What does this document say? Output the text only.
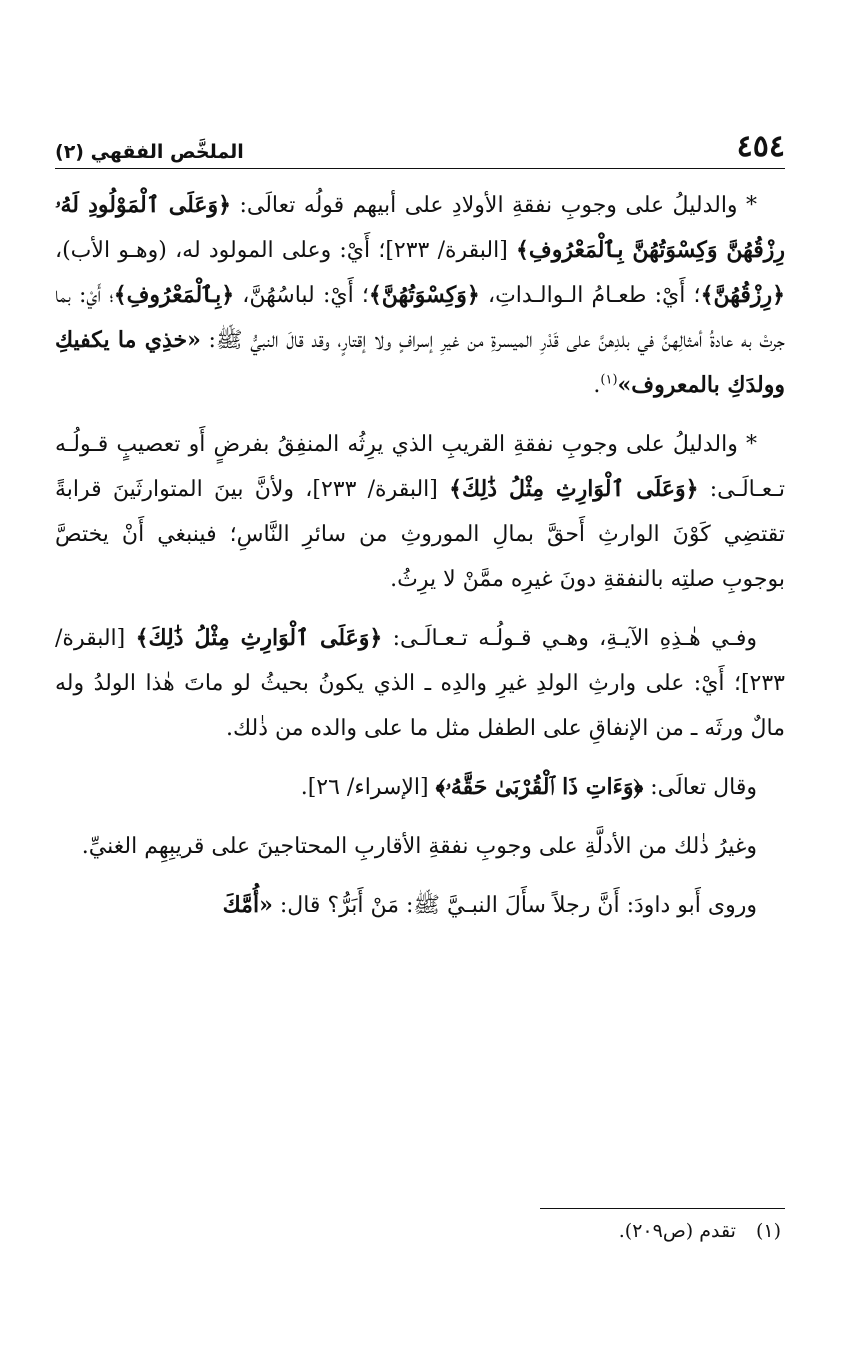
٤٥٤
الملخَّص الفقهي (٢)

* والدليلُ على وجوبِ نفقةِ الأولادِ على أبيهم قولُه تعالَى: ﴿وَعَلَى ٱلْمَوْلُودِ لَهُۥ رِزْقُهُنَّ وَكِسْوَتُهُنَّ بِٱلْمَعْرُوفِ﴾ [البقرة/ ٢٣٣]؛ أَيْ: وعلى المولود له، (وهـو الأب)، ﴿رِزْقُهُنَّ﴾؛ أَيْ: طعـامُ الـوالـداتِ، ﴿وَكِسْوَتُهُنَّ﴾؛ أَيْ: لباسُهُنَّ، ﴿بِٱلْمَعْرُوفِ﴾؛ أَيْ: بما جرتْ به عادةُ أمثالِهنَّ في بلدِهنَّ على قَدْرِ الميسرةِ من غيرِ إسرافٍ ولا إقتارٍ، وقد قالَ النبيُّ ﷺ: «خذِي ما يكفيكِ وولدَكِ بالمعروف»$^{(١)}$.

* والدليلُ على وجوبِ نفقةِ القريبِ الذي يرِثُه المنفِقُ بفرضٍ أَو تعصيبٍ قـولُـه تـعـالَـى: ﴿وَعَلَى ٱلْوَارِثِ مِثْلُ ذَٰلِكَ﴾ [البقرة/ ٢٣٣]، ولأنَّ بينَ المتوارثَينَ قرابةً تقتضِي كَوْنَ الوارثِ أَحقَّ بمالِ الموروثِ من سائرِ النَّاسِ؛ فينبغي أَنْ يختصَّ بوجوبِ صلتِه بالنفقةِ دونَ غيرِه ممَّنْ لا يرِثُ.

وفـي هٰـذِهِ الآيـةِ، وهـي قـولُـه تـعـالَـى: ﴿وَعَلَى ٱلْوَارِثِ مِثْلُ ذَٰلِكَ﴾ [البقرة/ ٢٣٣]؛ أَيْ: على وارثِ الولدِ غيرِ والدِه ـ الذي يكونُ بحيثُ لو ماتَ هٰذا الولدُ وله مالٌ ورثَه ـ من الإنفاقِ على الطفل مثل ما على والده من ذٰلك.

وقال تعالَى: ﴿وَءَاتِ ذَا ٱلْقُرْبَىٰ حَقَّهُۥ﴾ [الإسراء/ ٢٦].

وغيرُ ذٰلك من الأدلَّةِ على وجوبِ نفقةِ الأقاربِ المحتاجينَ على قريبِهِم الغنيِّ.

وروى أَبو داودَ: أَنَّ رجلاً سأَلَ النبـيَّ ﷺ: مَنْ أَبَرُّ؟ قال: «أُمَّكَ

(١) تقدم (ص٢٠٩).
